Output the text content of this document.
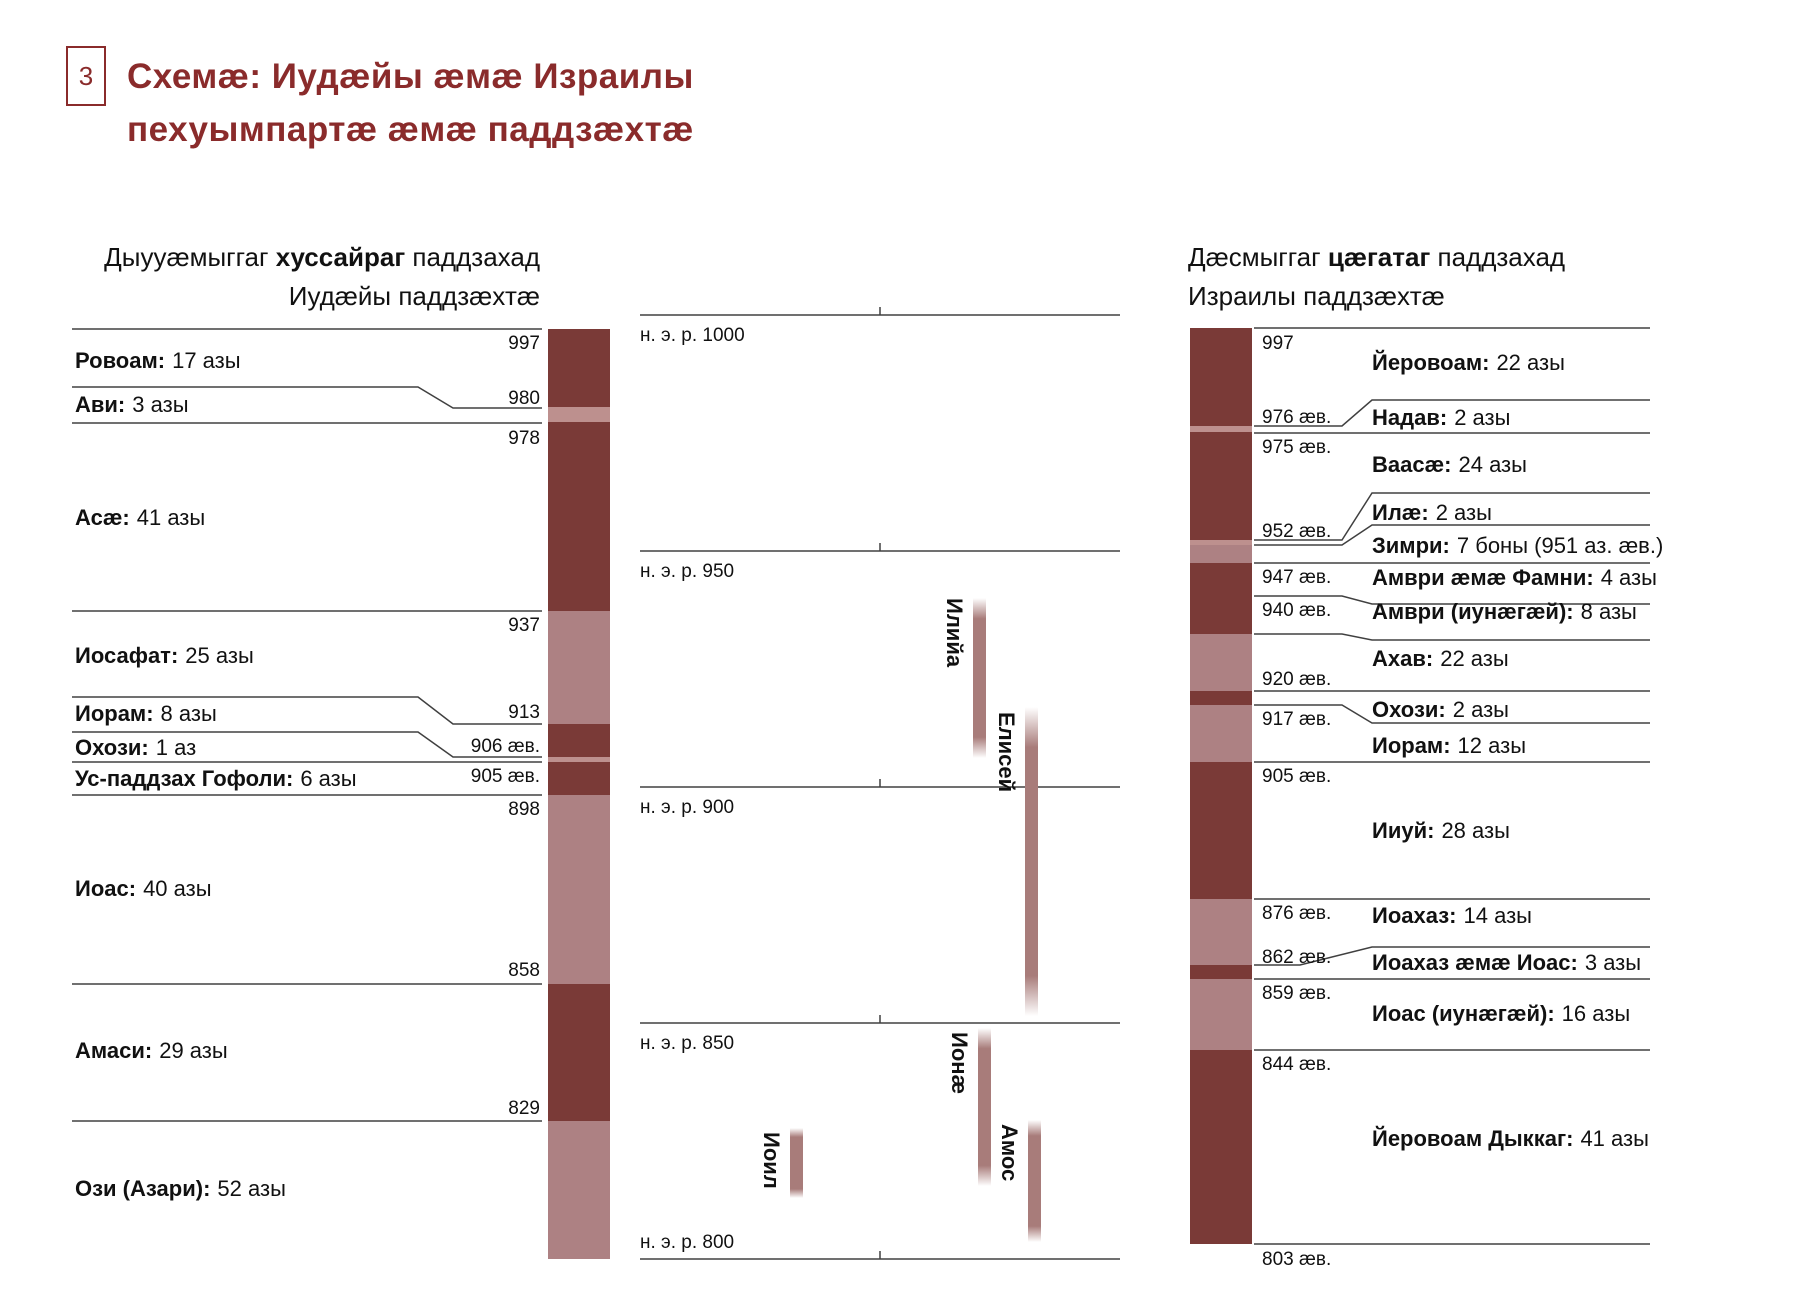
3 Схемæ: Иудæйы æмæ Израилы
пехуымпартæ æмæ паддзæхтæ
Дыууæмыггаг хуссайраг паддзахад
Иудæйы паддзæхтæ
Дæсмыггаг цæгатаг паддзахад
Израилы паддзæхтæ
997
980
978
937
913
906 æв.
905 æв.
898
858
829
Ровоам: 17 азы
Ави: 3 азы
Асæ: 41 азы
Иосафат: 25 азы
Иорам: 8 азы
Охози: 1 аз
Ус-паддзах Гофоли: 6 азы
Иоас: 40 азы
Амаси: 29 азы
Ози (Азари): 52 азы
н. э. р. 1000
н. э. р. 950
н. э. р. 900
н. э. р. 850
н. э. р. 800
Илийа
Елисей
Ионæ
Иоил	Амос
997
976 æв.
975 æв.
952 æв.
947 æв.
940 æв.
920 æв.
917 æв.
905 æв.
876 æв.
862 æв.
859 æв.
844 æв.
803 æв.
Йеровоам: 22 азы
Надав: 2 азы
Ваасæ: 24 азы
Илæ: 2 азы
Зимри: 7 боны (951 аз. æв.)
Амври æмæ Фамни: 4 азы
Амври (иунæгæй): 8 азы
Ахав: 22 азы
Охози: 2 азы
Иорам: 12 азы
Ииуй: 28 азы
Иоахаз: 14 азы
Иоахаз æмæ Иоас: 3 азы
Иоас (иунæгæй): 16 азы
Йеровоам Дыккаг: 41 азы
